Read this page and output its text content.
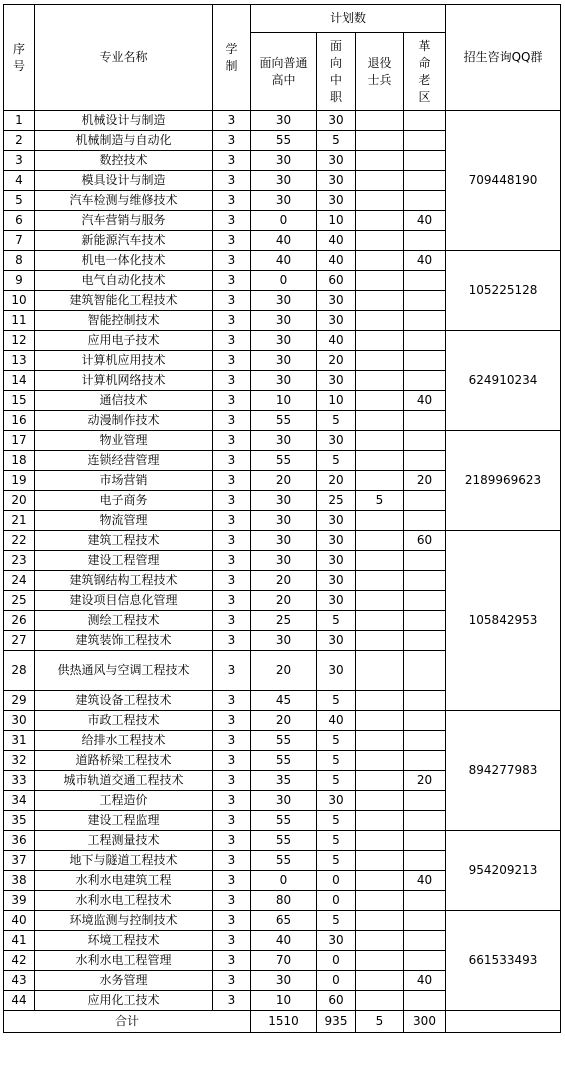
序号	专业名称	学制	计划数				招生咨询QQ群
			面向普通高中	面向中职	退役士兵	革命老区	
1	机械设计与制造	3	30	30			709448190
2	机械制造与自动化	3	55	5			
3	数控技术	3	30	30			
4	模具设计与制造	3	30	30			
5	汽车检测与维修技术	3	30	30			
6	汽车营销与服务	3	0	10		40	
7	新能源汽车技术	3	40	40			
8	机电一体化技术	3	40	40		40	105225128
9	电气自动化技术	3	0	60			
10	建筑智能化工程技术	3	30	30			
11	智能控制技术	3	30	30			
12	应用电子技术	3	30	40			624910234
13	计算机应用技术	3	30	20			
14	计算机网络技术	3	30	30			
15	通信技术	3	10	10		40	
16	动漫制作技术	3	55	5			
17	物业管理	3	30	30			2189969623
18	连锁经营管理	3	55	5			
19	市场营销	3	20	20		20	
20	电子商务	3	30	25	5		
21	物流管理	3	30	30			
22	建筑工程技术	3	30	30		60	105842953
23	建设工程管理	3	30	30			
24	建筑钢结构工程技术	3	20	30			
25	建设项目信息化管理	3	20	30			
26	测绘工程技术	3	25	5			
27	建筑装饰工程技术	3	30	30			
28	供热通风与空调工程技术	3	20	30			
29	建筑设备工程技术	3	45	5			
30	市政工程技术	3	20	40			894277983
31	给排水工程技术	3	55	5			
32	道路桥梁工程技术	3	55	5			
33	城市轨道交通工程技术	3	35	5		20	
34	工程造价	3	30	30			
35	建设工程监理	3	55	5			
36	工程测量技术	3	55	5			954209213
37	地下与隧道工程技术	3	55	5			
38	水利水电建筑工程	3	0	0		40	
39	水利水电工程技术	3	80	0			
40	环境监测与控制技术	3	65	5			661533493
41	环境工程技术	3	40	30			
42	水利水电工程管理	3	70	0			
43	水务管理	3	30	0		40	
44	应用化工技术	3	10	60			
合计			1510	935	5	300	
